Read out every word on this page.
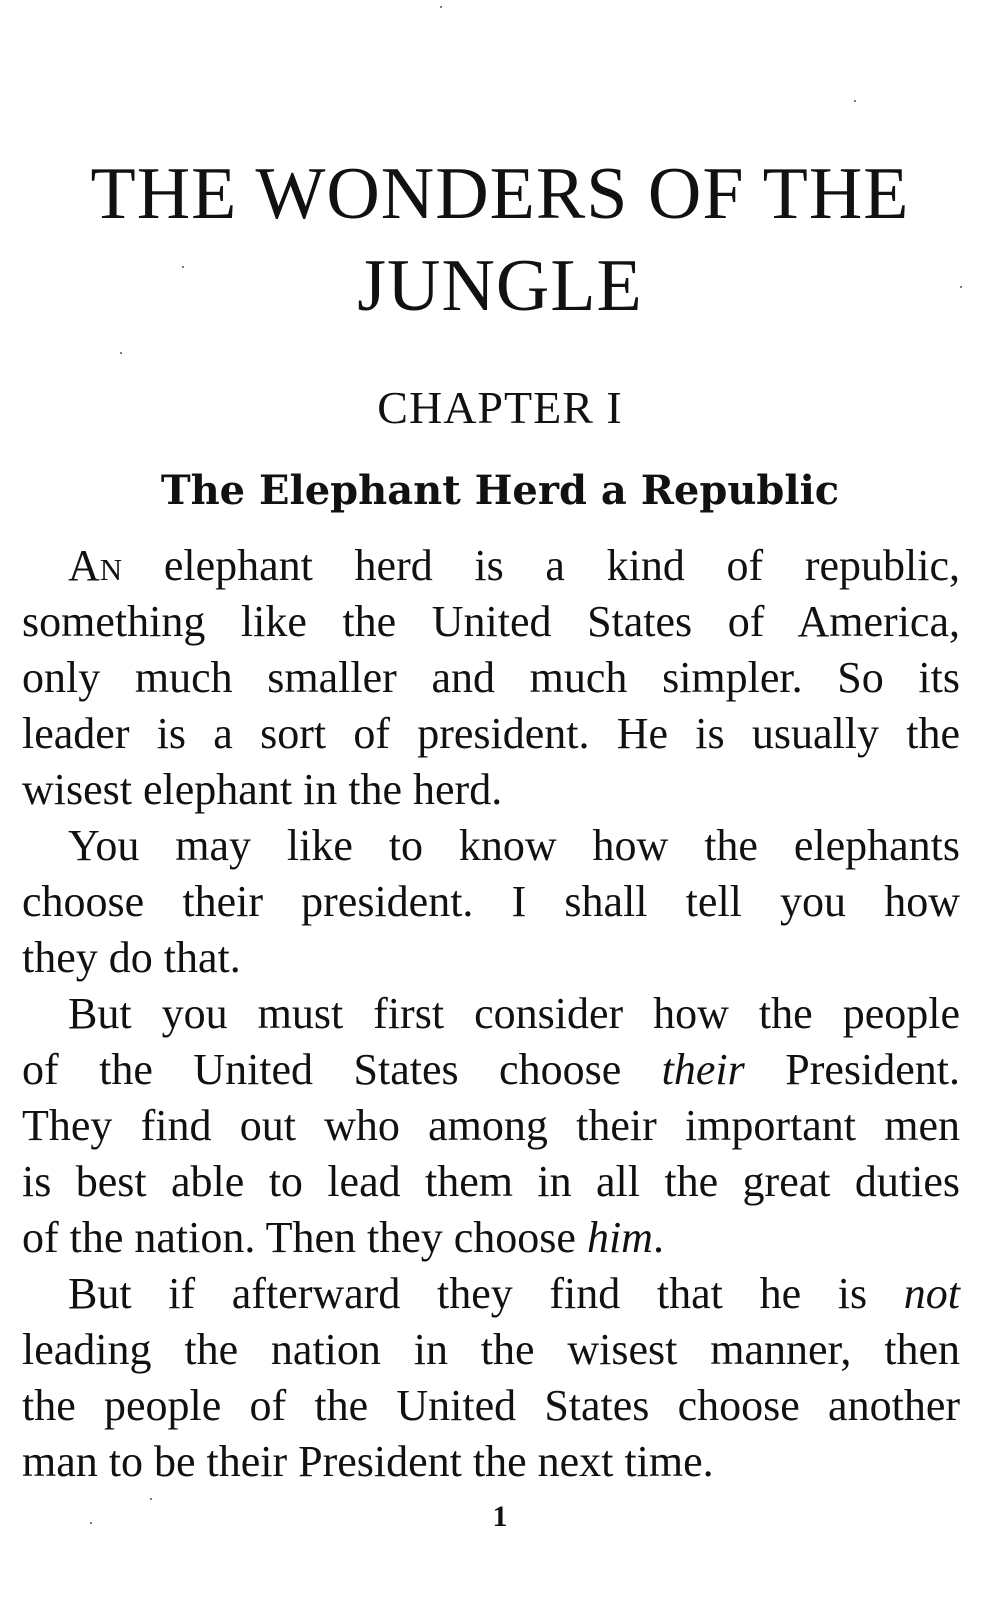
THE WONDERS OF THE
JUNGLE
CHAPTER I
The Elephant Herd a Republic
An elephant herd is a kind of republic,
something like the United States of America,
only much smaller and much simpler. So its
leader is a sort of president. He is usually the
wisest elephant in the herd.
You may like to know how the elephants
choose their president. I shall tell you how
they do that.
But you must first consider how the people
of the United States choose their President.
They find out who among their important men
is best able to lead them in all the great duties
of the nation. Then they choose him.
But if afterward they find that he is not
leading the nation in the wisest manner, then
the people of the United States choose another
man to be their President the next time.
1
